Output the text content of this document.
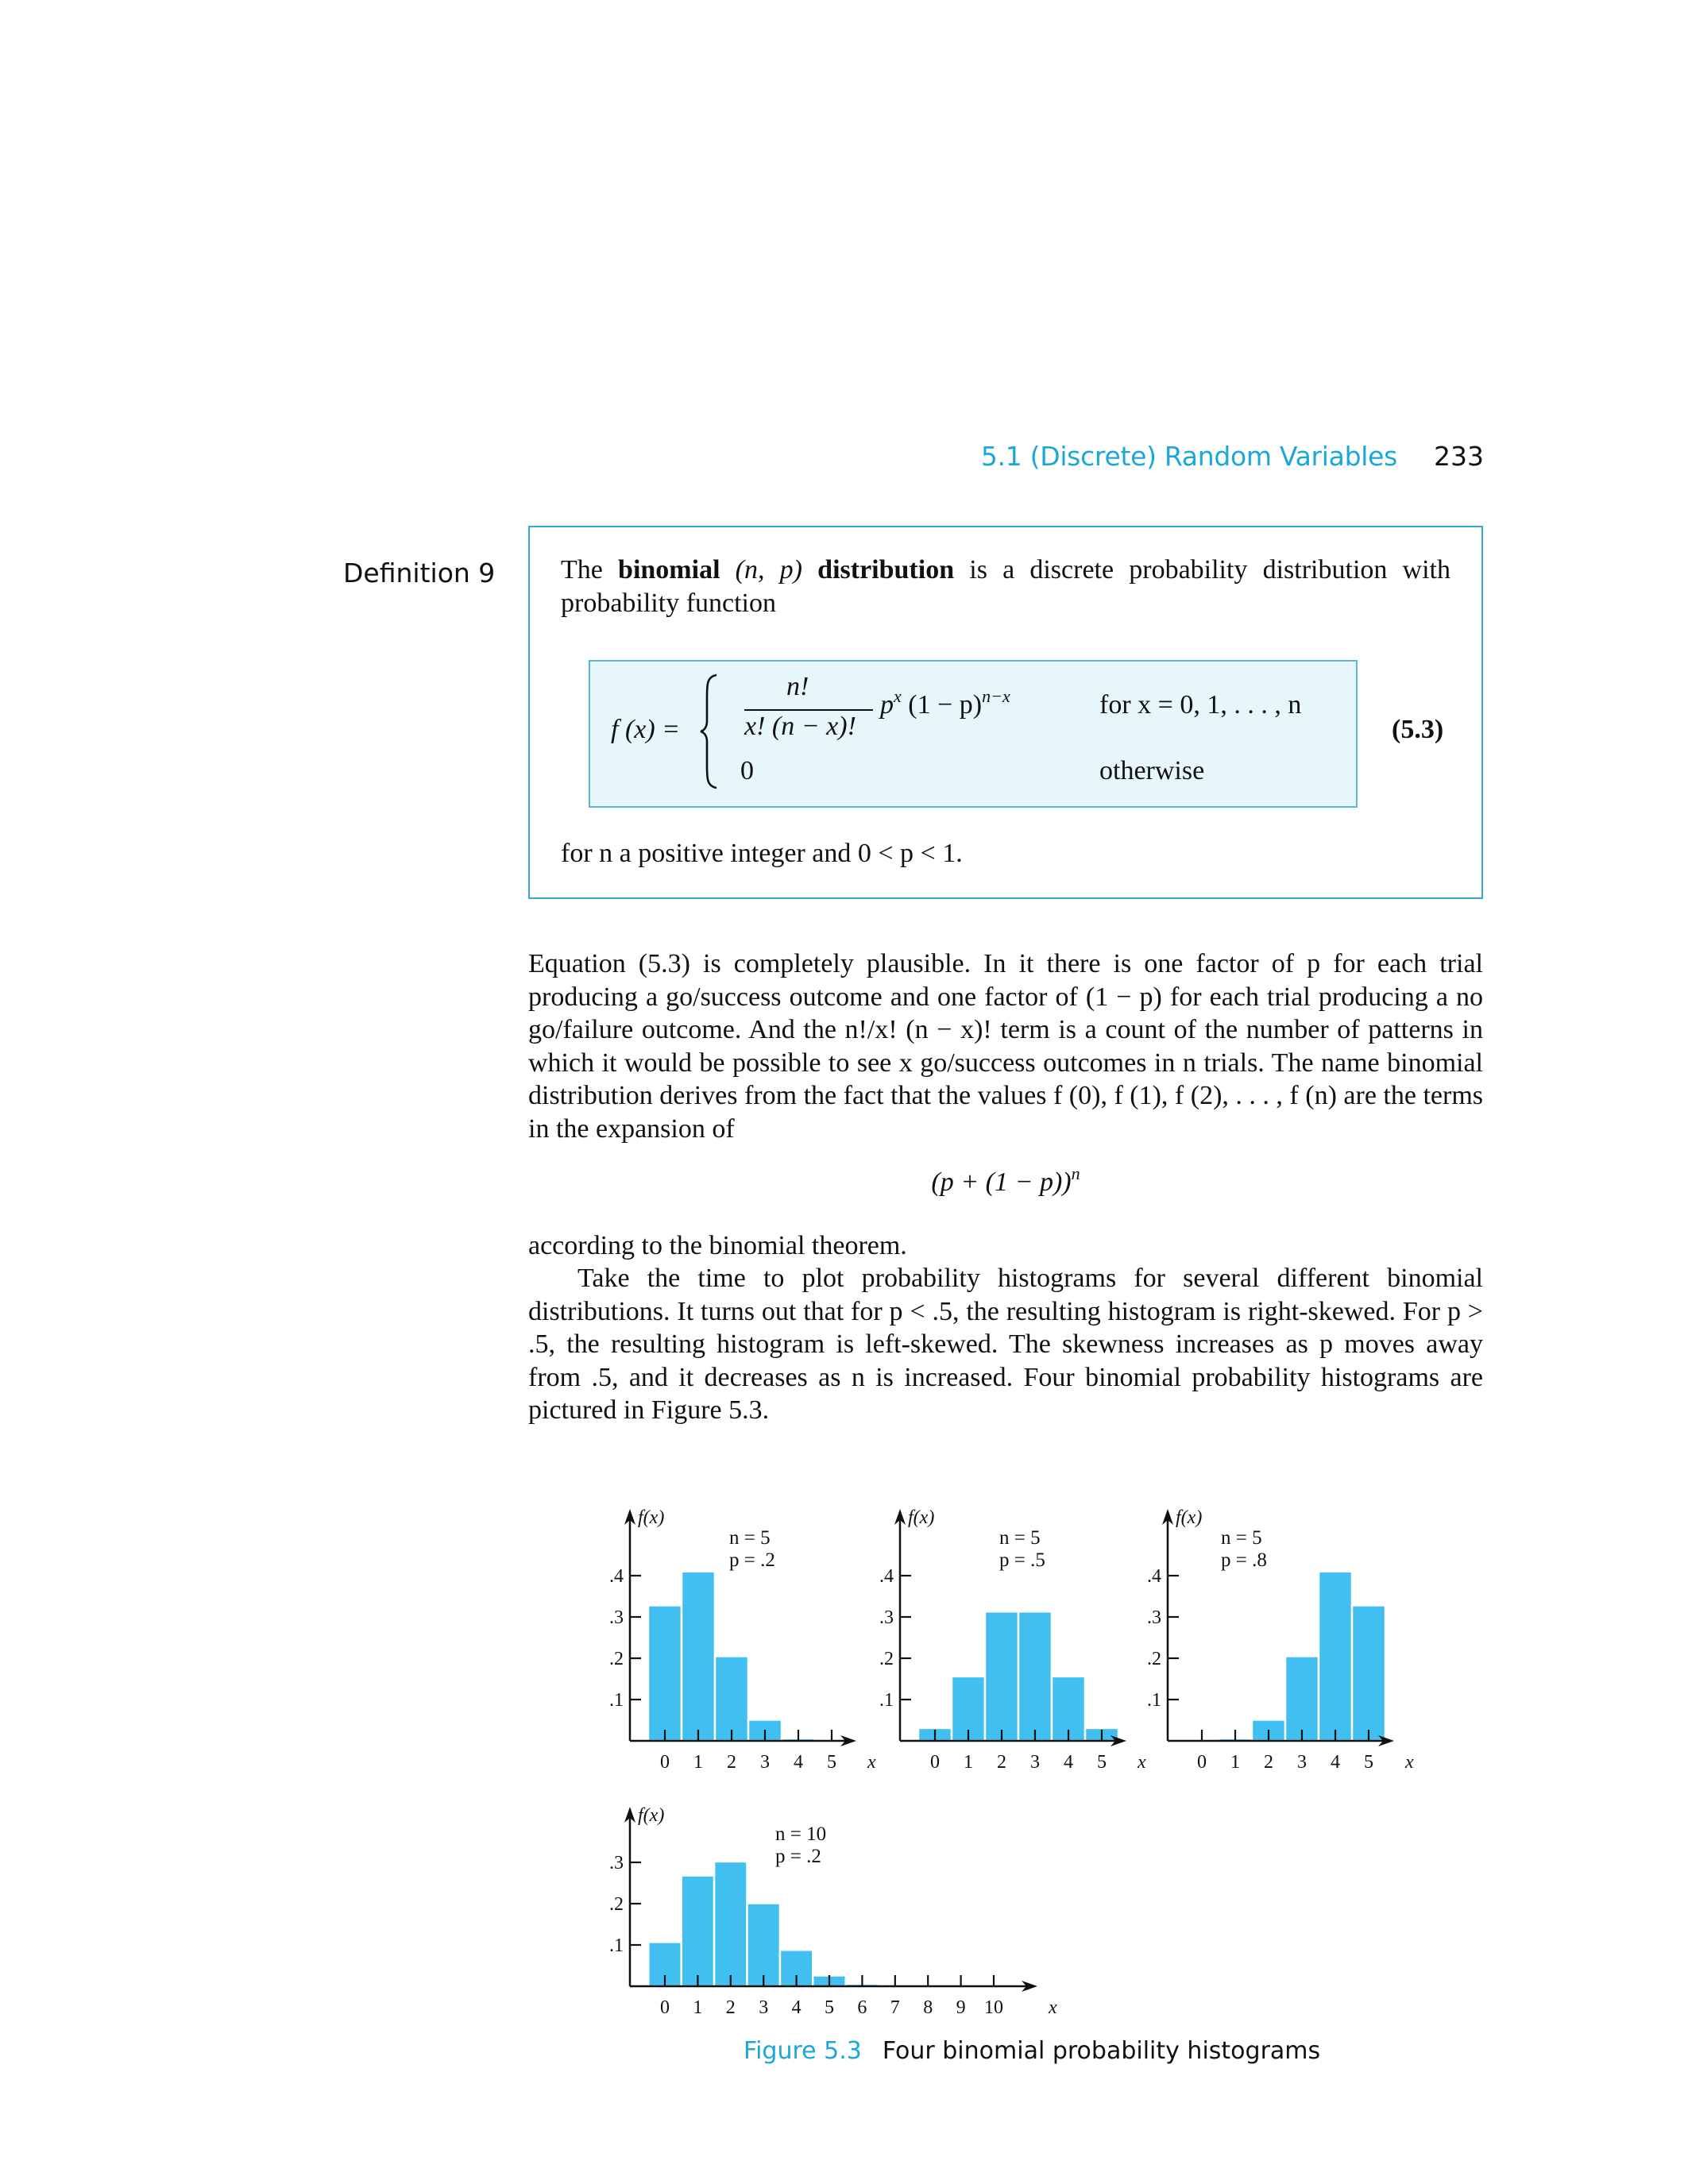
5.1 (Discrete) Random Variables 233
Definition 9 The binomial (n, p) distribution is a discrete probability distribution with probability function
f (x) =
n!
x! (n − x)!
$p^x$ $(1 - p)^{n-x}$	for x = 0, 1, . . . , n
0	otherwise
(5.3)
for n a positive integer and 0 < p < 1.
Equation (5.3) is completely plausible. In it there is one factor of p for each trial producing a go/success outcome and one factor of (1 − p) for each trial producing a no go/failure outcome. And the n!/x! (n − x)! term is a count of the number of patterns in which it would be possible to see x go/success outcomes in n trials. The name binomial distribution derives from the fact that the values f (0), f (1), f (2), . . . , f (n) are the terms in the expansion of
$(p + (1 - p))^n$
according to the binomial theorem.
Take the time to plot probability histograms for several different binomial distributions. It turns out that for p < .5, the resulting histogram is right-skewed. For p > .5, the resulting histogram is left-skewed. The skewness increases as p moves away from .5, and it decreases as n is increased. Four binomial probability histograms are pictured in Figure 5.3.
0 1 2 3 4 5
.1
.2
.3
.4
f(x)
x
n = 5
p = .2
0 1 2 3 4 5
.1
.2
.3
.4
f(x)
x
n = 5
p = .5
0 1 2 3 4 5
.1
.2
.3
.4
f(x)
x
n = 5
p = .8
0 1 2 3 4 5 6 7 8 9 10
.1
.2
.3
f(x)
x
n = 10
p = .2
Figure 5.3 Four binomial probability histograms
